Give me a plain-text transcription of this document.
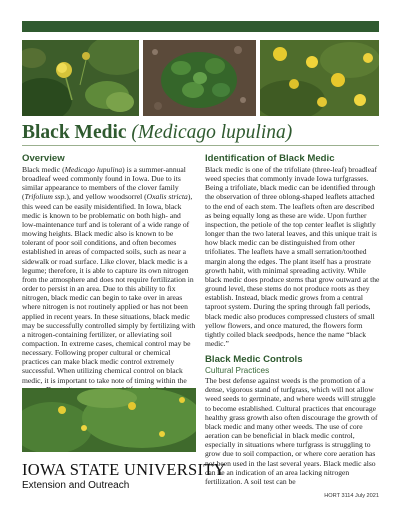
Black Medic (Medicago lupulina)
Overview

Black medic (Medicago lupulina) is a summer-annual broadleaf weed commonly found in Iowa. Due to its similar appearance to members of the clover family (Trifolium ssp.), and yellow woodsorrel (Oxalis stricta), this weed can be easily misidentified. In Iowa, black medic is known to be problematic on both high- and low-maintenance turf and is tolerant of a wide range of mowing heights. Black medic also is known to be tolerant of poor soil conditions, and often becomes established in areas of compacted soils, such as near a sidewalk or road surface. Like clover, black medic is a legume; therefore, it is able to capture its own nitrogen from the atmosphere and does not require fertilization in order to persist in an area. Due to this ability to fix nitrogen, black medic can begin to take over in areas where nitrogen is not routinely applied or has not been applied in recent years. In these situations, black medic may be successfully controlled simply by fertilizing with a nitrogen-containing fertilizer, or alleviating soil compaction. In extreme cases, chemical control may be necessary. Following proper cultural or chemical practices can make black medic control extremely successful. When utilizing chemical control on black medic, it is important to take note of timing within the

Identification of Black Medic

Black medic is one of the trifoliate (three-leaf) broadleaf weed species that commonly invade Iowa turfgrasses. Being a trifoliate, black medic can be identified through the observation of three oblong-shaped leaflets attached to the end of each stem. The leaflets often are described as being equally long as these are wide. Upon further inspection, the petiole of the top center leaflet is slightly longer than the two lateral leaves, and this unique trait is how black medic can be distinguished from other trifoliates. The leaflets have a small serration/toothed margin along the edges. The plant itself has a prostrate growth habit, with minimal spreading activity. While black medic does produce stems that grow outward at the ground level, these stems do not produce roots as they establish. Instead, black medic grows from a central taproot system. During the spring through fall periods, black medic also produces compressed clusters of small yellow flowers, and once matured, the flowers form tightly coiled black seedpods, hence the name “black medic.”

Black Medic Controls
Cultural Practices

The best defense against weeds is the promotion of a dense, vigorous stand of turfgrass, which will not allow weed seeds to germinate, and where weeds will struggle to become established. Cultural practices that encourage healthy grass growth also often discourage the growth of black medic and many other weeds. The use of core aeration can be beneficial in black medic control, especially in situations where turfgrass is struggling to grow due to soil compaction, or where core aeration has not been used in the last several years. Black medic also can be an indication of an area lacking nitrogen fertilization. A soil test can be

IOWA STATE UNIVERSITY
Extension and Outreach
HORT 3114 July 2021
